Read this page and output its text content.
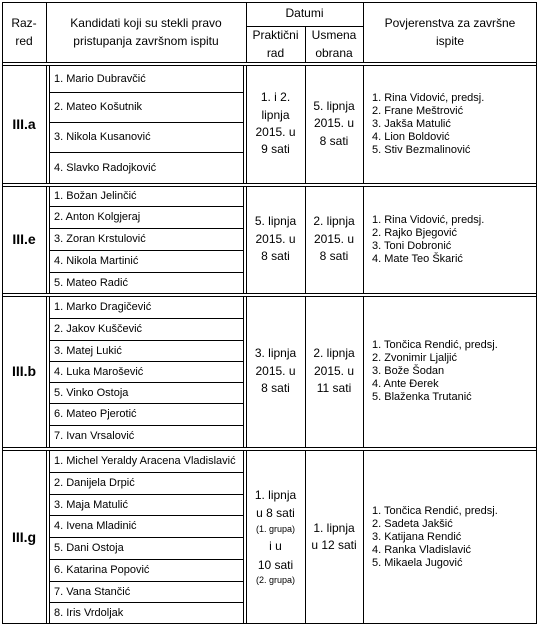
Raz-
red
Kandidati koji su stekli pravo
pristupanja završnom ispitu
Datumi
Praktični
rad
Usmena
obrana
Povjerenstva za završne
ispite
III.a
1. Mario Dubravčić
2. Mateo Košutnik
3. Nikola Kusanović
4. Slavko Radojković
1. i 2.
lipnja
2015. u
9 sati
5. lipnja
2015. u
8 sati
1. Rina Vidović, predsj.
2. Frane Meštrović
3. Jakša Matulić
4. Lion Boldović
5. Stiv Bezmalinović
III.e
1. Božan Jelinčić
2. Anton Kolgjeraj
3. Zoran Krstulović
4. Nikola Martinić
5. Mateo Radić
5. lipnja
2015. u
8 sati
2. lipnja
2015. u
8 sati
1. Rina Vidović, predsj.
2. Rajko Bjegović
3. Toni Dobronić
4. Mate Teo Škarić
III.b
1. Marko Dragičević
2. Jakov Kuščević
3. Matej Lukić
4. Luka Marošević
5. Vinko Ostoja
6. Mateo Pjerotić
7. Ivan Vrsalović
3. lipnja
2015. u
8 sati
2. lipnja
2015. u
11 sati
1. Tončica Rendić, predsj.
2. Zvonimir Ljaljić
3. Bože Šodan
4. Ante Đerek
5. Blaženka Trutanić
III.g
1. Michel Yeraldy Aracena Vladislavić
2. Danijela Drpić
3. Maja Matulić
4. Ivena Mladinić
5. Dani Ostoja
6. Katarina Popović
7. Vana Stančić
8. Iris Vrdoljak
1. lipnja
u 8 sati
(1. grupa)
i u
10 sati
(2. grupa)
1. lipnja
u 12 sati
1. Tončica Rendić, predsj.
2. Sadeta Jakšić
3. Katijana Rendić
4. Ranka Vladislavić
5. Mikaela Jugović
